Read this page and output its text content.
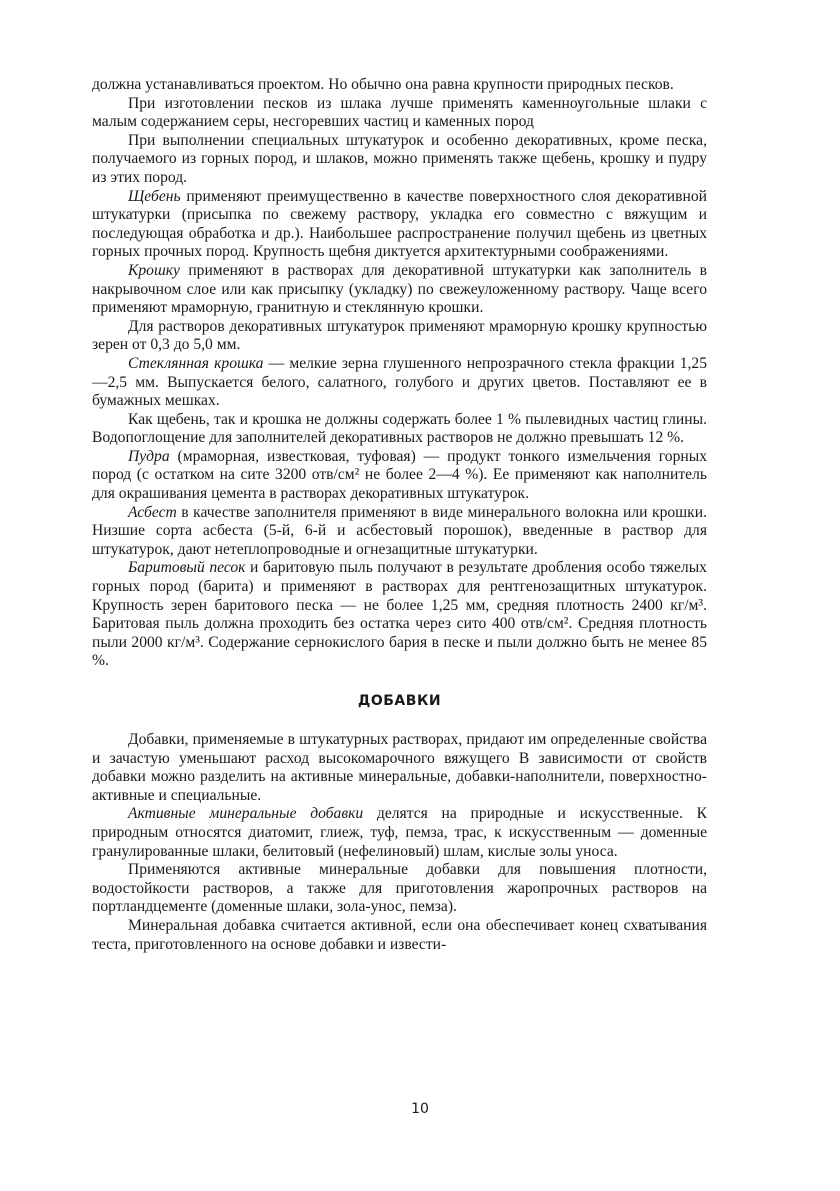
должна устанавливаться проектом. Но обычно она равна крупности природных песков.

При изготовлении песков из шлака лучше применять каменноугольные шлаки с малым содержанием серы, несгоревших частиц и каменных пород

При выполнении специальных штукатурок и особенно декоративных, кроме песка, получаемого из горных пород, и шлаков, можно применять также щебень, крошку и пудру из этих пород.

Щебень применяют преимущественно в качестве поверхностного слоя декоративной штукатурки (присыпка по свежему раствору, укладка его совместно с вяжущим и последующая обработка и др.). Наибольшее распространение получил щебень из цветных горных прочных пород. Крупность щебня диктуется архитектурными соображениями.

Крошку применяют в растворах для декоративной штукатурки как заполнитель в накрывочном слое или как присыпку (укладку) по свежеуложенному раствору. Чаще всего применяют мраморную, гранитную и стеклянную крошки.

Для растворов декоративных штукатурок применяют мраморную крошку крупностью зерен от 0,3 до 5,0 мм.

Стеклянная крошка — мелкие зерна глушенного непрозрачного стекла фракции 1,25—2,5 мм. Выпускается белого, салатного, голубого и других цветов. Поставляют ее в бумажных мешках.

Как щебень, так и крошка не должны содержать более 1 % пылевидных частиц глины. Водопоглощение для заполнителей декоративных растворов не должно превышать 12 %.

Пудра (мраморная, известковая, туфовая) — продукт тонкого измельчения горных пород (с остатком на сите 3200 отв/см² не более 2—4 %). Ее применяют как наполнитель для окрашивания цемента в растворах декоративных штукатурок.

Асбест в качестве заполнителя применяют в виде минерального волокна или крошки. Низшие сорта асбеста (5-й, 6-й и асбестовый порошок), введенные в раствор для штукатурок, дают нетеплопроводные и огнезащитные штукатурки.

Баритовый песок и баритовую пыль получают в результате дробления особо тяжелых горных пород (барита) и применяют в растворах для рентгенозащитных штукатурок. Крупность зерен баритового песка — не более 1,25 мм, средняя плотность 2400 кг/м³. Баритовая пыль должна проходить без остатка через сито 400 отв/см². Средняя плотность пыли 2000 кг/м³. Содержание сернокислого бария в песке и пыли должно быть не менее 85 %.

ДОБАВКИ

Добавки, применяемые в штукатурных растворах, придают им определенные свойства и зачастую уменьшают расход высокомарочного вяжущего В зависимости от свойств добавки можно разделить на активные минеральные, добавки-наполнители, поверхностно-активные и специальные.

Активные минеральные добавки делятся на природные и искусственные. К природным относятся диатомит, глиеж, туф, пемза, трас, к искусственным — доменные гранулированные шлаки, белитовый (нефелиновый) шлам, кислые золы уноса.

Применяются активные минеральные добавки для повышения плотности, водостойкости растворов, а также для приготовления жаропрочных растворов на портландцементе (доменные шлаки, зола-унос, пемза).

Минеральная добавка считается активной, если она обеспечивает конец схватывания теста, приготовленного на основе добавки и извести-

10
